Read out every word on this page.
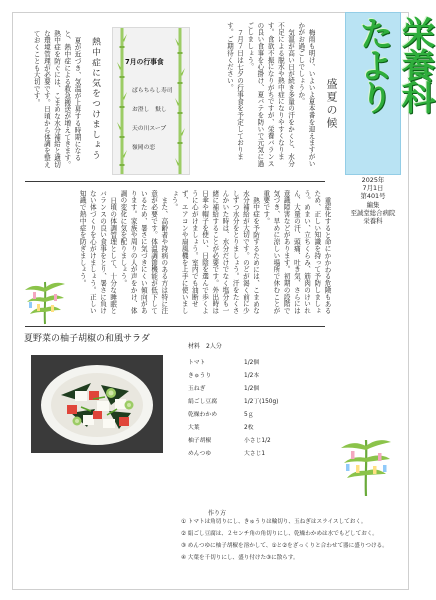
栄養科
たより
2025年
7月1日
第401号
編集
至誠堂総合病院
栄養科
盛夏の候

梅雨も明け、いよいよ夏本番を迎えますがいかがお過ごしでしょうか。

気温が高い日が続き多量の汗をかくと、水分不足による脱水や熱中症になりやすくなります。食欲不振になりがちですが、栄養バランスの良い食事を心掛け、夏バテを防いで元気に過ごしましょう。

７月７日は七夕の行事食を予定しております。ご期待ください。

7月の行事食
ばらちらし寿司
お澄し　麩し
天の川スープ
嶺岡の恋
熱中症に気をつけましょう

夏が近づき、気温が上昇する時期になると、熱中症による救急搬送が増えてきます。熱中症を防ぐには、こまめな水分補給と適切な環境管理が必要です。日頃から体調を整えておくことも大切です。

重症化すると命にかかわる危険もあるため、正しい知識を持って予防しましょう。めまい、立ちくらみ、筋肉のけいれん、大量の汗、頭痛、吐き気、さらには意識障害などがあります。初期の段階で気づき、早めに涼しい場所で休むことが重要です。

熱中症を予防するためには、こまめな水分補給が大切です。のどが渇く前に少しずつ水分をとりましょう。汗をたくさんかいた時は、水分だけでなく塩分も一緒に補給することが必要です。外出時は日傘や帽子を使い、日陰を選んで歩くように心がけましょう。室内でも油断せず、エアコンや扇風機を上手に使いましょう。

また、高齢者や持病のある方は特に注意が必要です。体温調節機能が低下しているため、暑さに気づきにくい傾向があります。家族や周りの人が声をかけ、体調の変化に気を配りましょう。

日頃の体調管理として、十分な睡眠とバランスの良い食事をとり、暑さに負けない体づくりを心がけましょう。正しい知識で熱中症を防ぎましょう。

夏野菜の柚子胡椒の和風サラダ
材料　2人分
トマト	1/2個
きゅうり	1/2本
玉ねぎ	1/2個
絹ごし豆腐	1/2丁(150g)
乾燥わかめ	5ｇ
大葉	2枚
柚子胡椒	小さじ1/2
めんつゆ	大さじ1
作り方
① トマトは角切りにし、きゅうりは輪切り、玉ねぎはスライスしておく。
② 絹ごし豆腐は、２センチ角の角切りにし、乾燥わかめは水でもどしておく。
③ めんつゆに柚子胡椒を溶かして、①と②をざっくりと合わせて器に盛りつける。
④ 大葉を千切りにし、盛り付けた③に散らす。
